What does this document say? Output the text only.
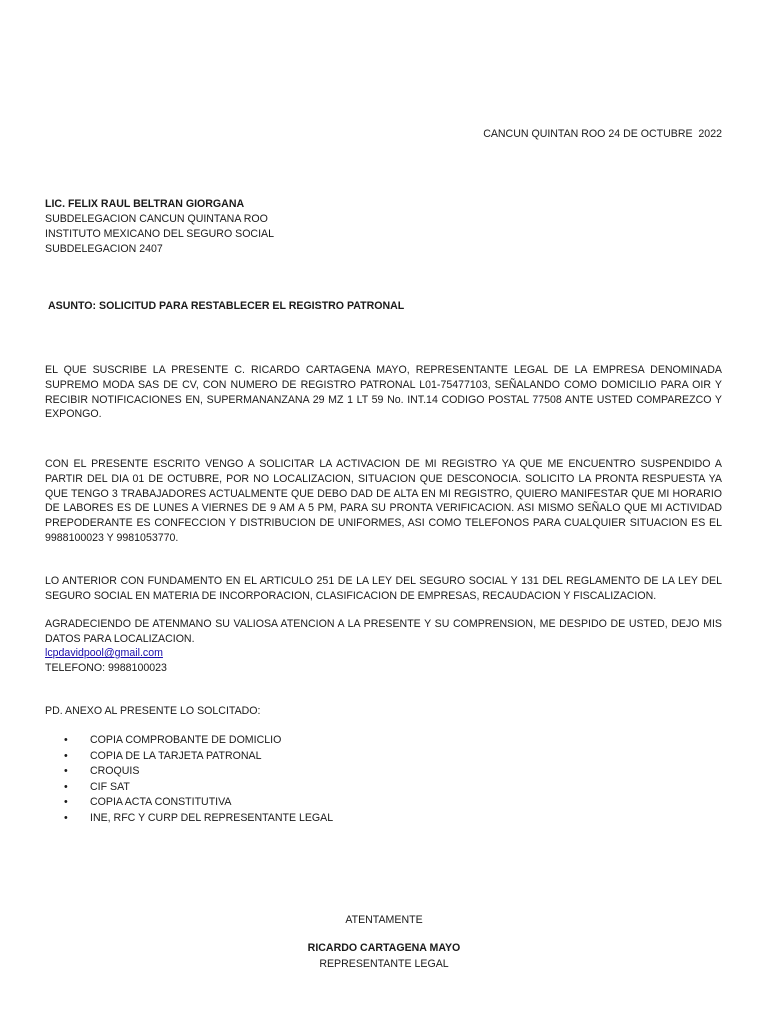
CANCUN QUINTAN ROO 24 DE OCTUBRE  2022
LIC. FELIX RAUL BELTRAN GIORGANA
SUBDELEGACION CANCUN QUINTANA ROO
INSTITUTO MEXICANO DEL SEGURO SOCIAL
SUBDELEGACION 2407
ASUNTO: SOLICITUD PARA RESTABLECER EL REGISTRO PATRONAL
EL QUE SUSCRIBE LA PRESENTE C. RICARDO CARTAGENA MAYO, REPRESENTANTE LEGAL DE LA EMPRESA DENOMINADA SUPREMO MODA SAS DE CV, CON NUMERO DE REGISTRO PATRONAL L01-75477103, SEÑALANDO COMO DOMICILIO PARA OIR Y RECIBIR NOTIFICACIONES EN, SUPERMANANZANA 29 MZ 1 LT 59 No. INT.14 CODIGO POSTAL 77508 ANTE USTED COMPAREZCO Y EXPONGO.
CON EL PRESENTE ESCRITO VENGO A SOLICITAR LA ACTIVACION DE MI REGISTRO YA QUE ME ENCUENTRO SUSPENDIDO A PARTIR DEL DIA 01 DE OCTUBRE, POR NO LOCALIZACION, SITUACION QUE DESCONOCIA. SOLICITO LA PRONTA RESPUESTA YA QUE TENGO 3 TRABAJADORES ACTUALMENTE QUE DEBO DAD DE ALTA EN MI REGISTRO, QUIERO MANIFESTAR QUE MI HORARIO DE LABORES ES DE LUNES A VIERNES DE 9 AM A 5 PM, PARA SU PRONTA VERIFICACION. ASI MISMO SEÑALO QUE MI ACTIVIDAD PREPODERANTE ES CONFECCION Y DISTRIBUCION DE UNIFORMES, ASI COMO TELEFONOS PARA CUALQUIER SITUACION ES EL 9988100023 Y 9981053770.
LO ANTERIOR CON FUNDAMENTO EN EL ARTICULO 251 DE LA LEY DEL SEGURO SOCIAL Y 131 DEL REGLAMENTO DE LA LEY DEL SEGURO SOCIAL EN MATERIA DE INCORPORACION, CLASIFICACION DE EMPRESAS, RECAUDACION Y FISCALIZACION.
AGRADECIENDO DE ATENMANO SU VALIOSA ATENCION A LA PRESENTE Y SU COMPRENSION, ME DESPIDO DE USTED, DEJO MIS DATOS PARA LOCALIZACION.
lcpdavidpool@gmail.com
TELEFONO: 9988100023
PD. ANEXO AL PRESENTE LO SOLCITADO:
• COPIA COMPROBANTE DE DOMICLIO
• COPIA DE LA TARJETA PATRONAL
• CROQUIS
• CIF SAT
• COPIA ACTA CONSTITUTIVA
• INE, RFC Y CURP DEL REPRESENTANTE LEGAL
ATENTAMENTE
RICARDO CARTAGENA MAYO
REPRESENTANTE LEGAL
